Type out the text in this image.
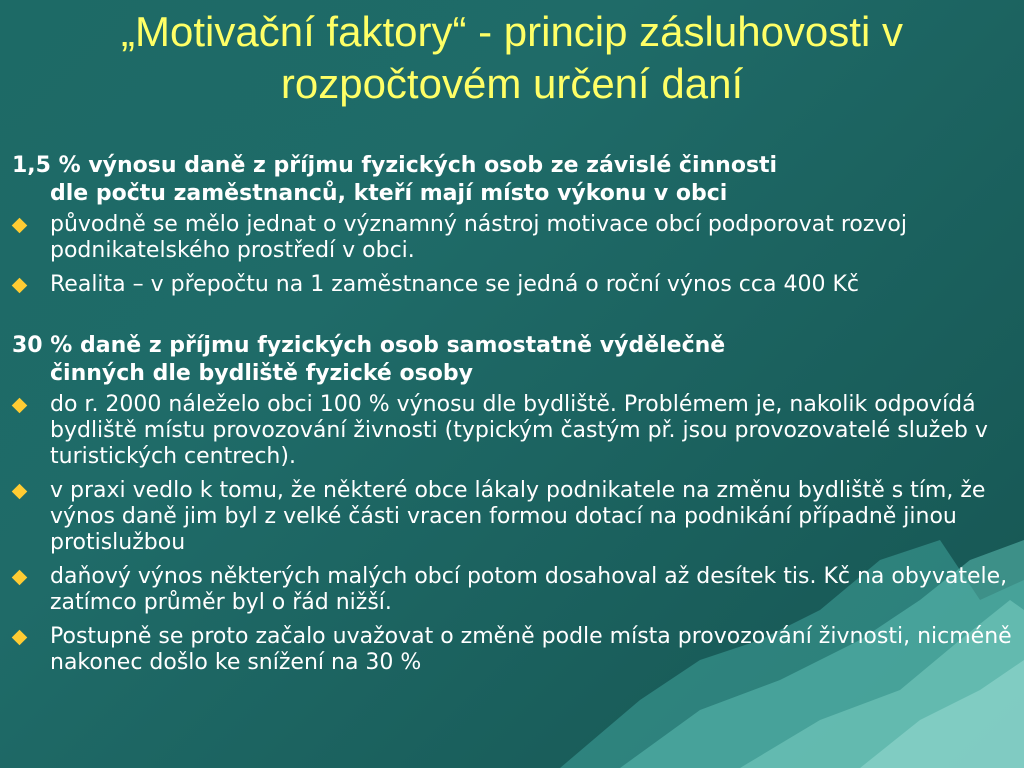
„Motivační faktory“ - princip zásluhovosti v rozpočtovém určení daní
1,5 % výnosu daně z příjmu fyzických osob ze závislé činnosti
dle počtu zaměstnanců, kteří mají místo výkonu v obci
původně se mělo jednat o významný nástroj motivace obcí podporovat rozvoj podnikatelského prostředí v obci.
Realita – v přepočtu na 1 zaměstnance se jedná o roční výnos cca 400 Kč
30 % daně z příjmu fyzických osob samostatně výdělečně
činných dle bydliště fyzické osoby
do r. 2000 náleželo obci 100 % výnosu dle bydliště. Problémem je, nakolik odpovídá bydliště místu provozování živnosti (typickým častým př. jsou provozovatelé služeb v turistických centrech).
v praxi vedlo k tomu, že některé obce lákaly podnikatele na změnu bydliště s tím, že výnos daně jim byl z velké části vracen formou dotací na podnikání případně jinou protislužbou
daňový výnos některých malých obcí potom dosahoval až desítek tis. Kč na obyvatele, zatímco průměr byl o řád nižší.
Postupně se proto začalo uvažovat o změně podle místa provozování živnosti, nicméně nakonec došlo ke snížení na 30 %
